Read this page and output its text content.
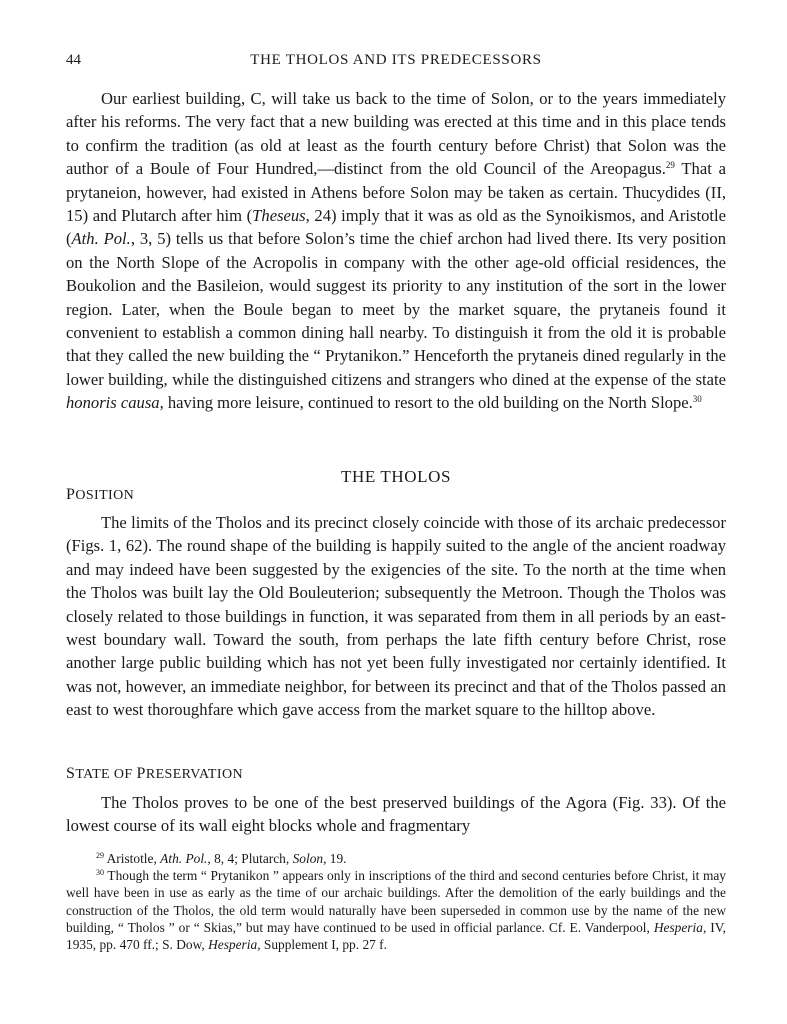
44	THE THOLOS AND ITS PREDECESSORS

Our earliest building, C, will take us back to the time of Solon, or to the years immediately after his reforms. The very fact that a new building was erected at this time and in this place tends to confirm the tradition (as old at least as the fourth century before Christ) that Solon was the author of a Boule of Four Hundred,—distinct from the old Council of the Areopagus.$^{29}$ That a prytaneion, however, had existed in Athens before Solon may be taken as certain. Thucydides (II, 15) and Plutarch after him (Theseus, 24) imply that it was as old as the Synoikismos, and Aristotle (Ath. Pol., 3, 5) tells us that before Solon’s time the chief archon had lived there. Its very position on the North Slope of the Acropolis in company with the other age-old official residences, the Boukolion and the Basileion, would suggest its priority to any institution of the sort in the lower region. Later, when the Boule began to meet by the market square, the prytaneis found it convenient to establish a common dining hall nearby. To distinguish it from the old it is probable that they called the new building the “ Prytanikon.” Henceforth the prytaneis dined regularly in the lower building, while the distinguished citizens and strangers who dined at the expense of the state honoris causa, having more leisure, continued to resort to the old building on the North Slope.$^{30}$

THE THOLOS
POSITION

The limits of the Tholos and its precinct closely coincide with those of its archaic predecessor (Figs. 1, 62). The round shape of the building is happily suited to the angle of the ancient roadway and may indeed have been suggested by the exigencies of the site. To the north at the time when the Tholos was built lay the Old Bouleuterion; subsequently the Metroon. Though the Tholos was closely related to those buildings in function, it was separated from them in all periods by an east-west boundary wall. Toward the south, from perhaps the late fifth century before Christ, rose another large public building which has not yet been fully investigated nor certainly identified. It was not, however, an immediate neighbor, for between its precinct and that of the Tholos passed an east to west thoroughfare which gave access from the market square to the hilltop above.

STATE OF PRESERVATION

The Tholos proves to be one of the best preserved buildings of the Agora (Fig. 33). Of the lowest course of its wall eight blocks whole and fragmentary

$^{29}$ Aristotle, Ath. Pol., 8, 4; Plutarch, Solon, 19.

$^{30}$ Though the term “ Prytanikon ” appears only in inscriptions of the third and second centuries before Christ, it may well have been in use as early as the time of our archaic buildings. After the demolition of the early buildings and the construction of the Tholos, the old term would naturally have been superseded in common use by the name of the new building, “ Tholos ” or “ Skias,” but may have continued to be used in official parlance. Cf. E. Vanderpool, Hesperia, IV, 1935, pp. 470 ff.; S. Dow, Hesperia, Supplement I, pp. 27 f.
